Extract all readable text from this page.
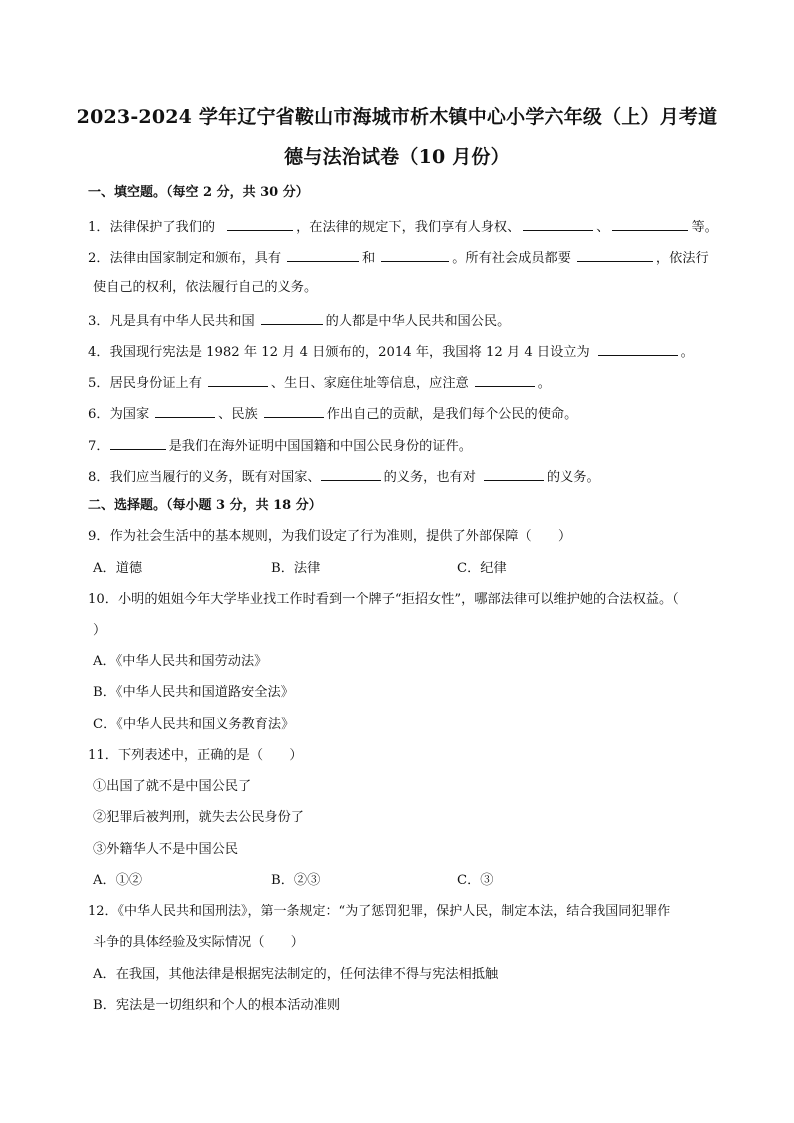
2023-2024 学年辽宁省鞍山市海城市析木镇中心小学六年级（上）月考道
德与法治试卷（10 月份）
一、填空题。（每空 2 分，共 30 分）
1．法律保护了我们的	，在法律的规定下，我们享有人身权、	、	等。
2．法律由国家制定和颁布，具有	和	。所有社会成员都要	，依法行
使自己的权利，依法履行自己的义务。
3．凡是具有中华人民共和国	的人都是中华人民共和国公民。
4．我国现行宪法是 1982 年 12 月 4 日颁布的，2014 年，我国将 12 月 4 日设立为	。
5．居民身份证上有	、生日、家庭住址等信息，应注意	。
6．为国家	、民族	作出自己的贡献，是我们每个公民的使命。
7．	是我们在海外证明中国国籍和中国公民身份的证件。
8．我们应当履行的义务，既有对国家、	的义务，也有对	的义务。
二、选择题。（每小题 3 分，共 18 分）
9．作为社会生活中的基本规则，为我们设定了行为准则，提供了外部保障（　　）
A．道德	B．法律	C．纪律
10．小明的姐姐今年大学毕业找工作时看到一个牌子“拒招女性”，哪部法律可以维护她的合法权益。（
）
A．《中华人民共和国劳动法》
B．《中华人民共和国道路安全法》
C．《中华人民共和国义务教育法》
11．下列表述中，正确的是（　　）
①出国了就不是中国公民了
②犯罪后被判刑，就失去公民身份了
③外籍华人不是中国公民
A．①②	B．②③	C．③
12．《中华人民共和国刑法》，第一条规定：“为了惩罚犯罪，保护人民，制定本法，结合我国同犯罪作
斗争的具体经验及实际情况（　　）
A．在我国，其他法律是根据宪法制定的，任何法律不得与宪法相抵触
B．宪法是一切组织和个人的根本活动准则
